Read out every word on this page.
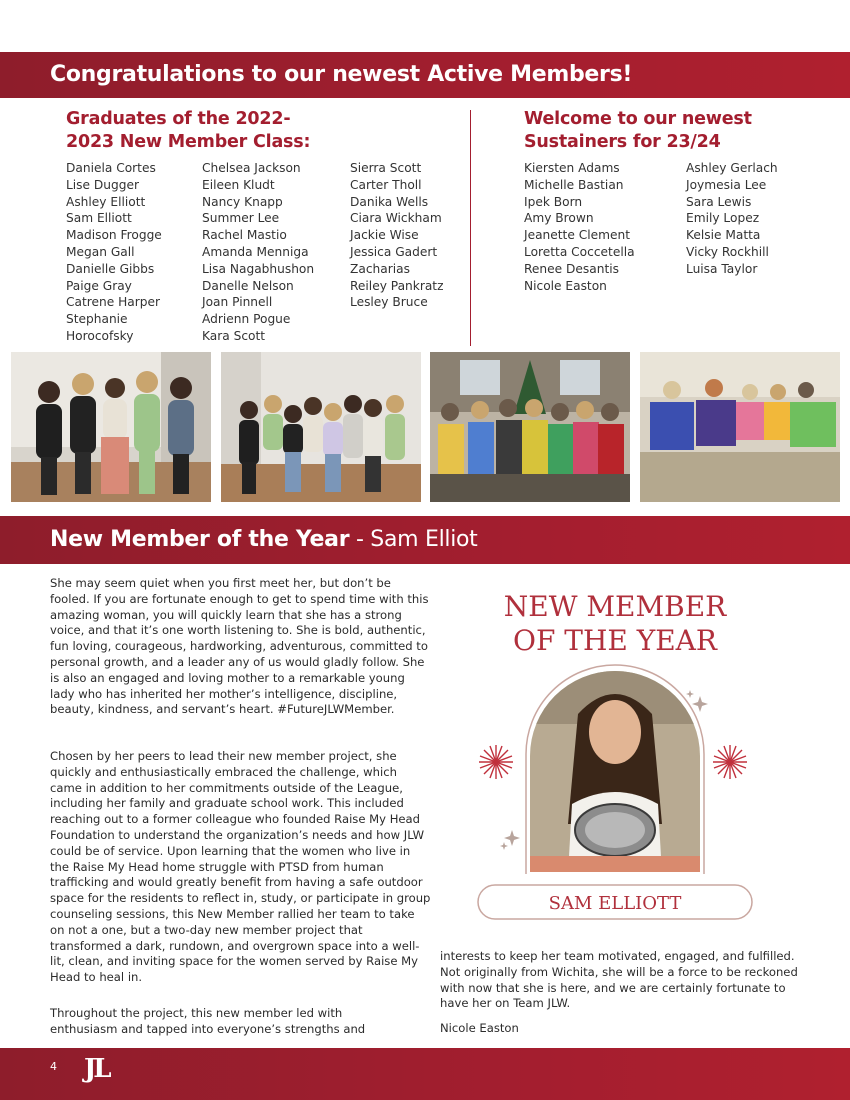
Congratulations to our newest Active Members!
Graduates of the 2022-
2023 New Member Class:
Daniela Cortes
Lise Dugger
Ashley Elliott
Sam Elliott
Madison Frogge
Megan Gall
Danielle Gibbs
Paige Gray
Catrene Harper
Stephanie
Horocofsky
Chelsea Jackson
Eileen Kludt
Nancy Knapp
Summer Lee
Rachel Mastio
Amanda Menniga
Lisa Nagabhushon
Danelle Nelson
Joan Pinnell
Adrienn Pogue
Kara Scott
Sierra Scott
Carter Tholl
Danika Wells
Ciara Wickham
Jackie Wise
Jessica Gadert
Zacharias
Reiley Pankratz
Lesley Bruce
Welcome to our newest
Sustainers for 23/24
Kiersten Adams
Michelle Bastian
Ipek Born
Amy Brown
Jeanette Clement
Loretta Coccetella
Renee Desantis
Nicole Easton
Ashley Gerlach
Joymesia Lee
Sara Lewis
Emily Lopez
Kelsie Matta
Vicky Rockhill
Luisa Taylor
New Member of the Year - Sam Elliot

She may seem quiet when you first meet her, but don’t be fooled. If you are fortunate enough to get to spend time with this amazing woman, you will quickly learn that she has a strong voice, and that it’s one worth listening to. She is bold, authentic, fun loving, courageous, hardworking, adventurous, committed to personal growth, and a leader any of us would gladly follow. She is also an engaged and loving mother to a remarkable young lady who has inherited her mother’s intelligence, discipline, beauty, kindness, and servant’s heart. #FutureJLWMember.

Chosen by her peers to lead their new member project, she quickly and enthusiastically embraced the challenge, which came in addition to her commitments outside of the League, including her family and graduate school work. This included reaching out to a former colleague who founded Raise My Head Foundation to understand the organization’s needs and how JLW could be of service. Upon learning that the women who live in the Raise My Head home struggle with PTSD from human trafficking and would greatly benefit from having a safe outdoor space for the residents to reflect in, study, or participate in group counseling sessions, this New Member rallied her team to take on not a one, but a two-day new member project that transformed a dark, rundown, and overgrown space into a well-lit, clean, and inviting space for the women served by Raise My Head to heal in.

Throughout the project, this new member led with enthusiasm and tapped into everyone’s strengths and

NEW MEMBER
OF THE YEAR
SAM ELLIOTT

interests to keep her team motivated, engaged, and fulfilled. Not originally from Wichita, she will be a force to be reckoned with now that she is here, and we are certainly fortunate to have her on Team JLW.

Nicole Easton

4 JL
